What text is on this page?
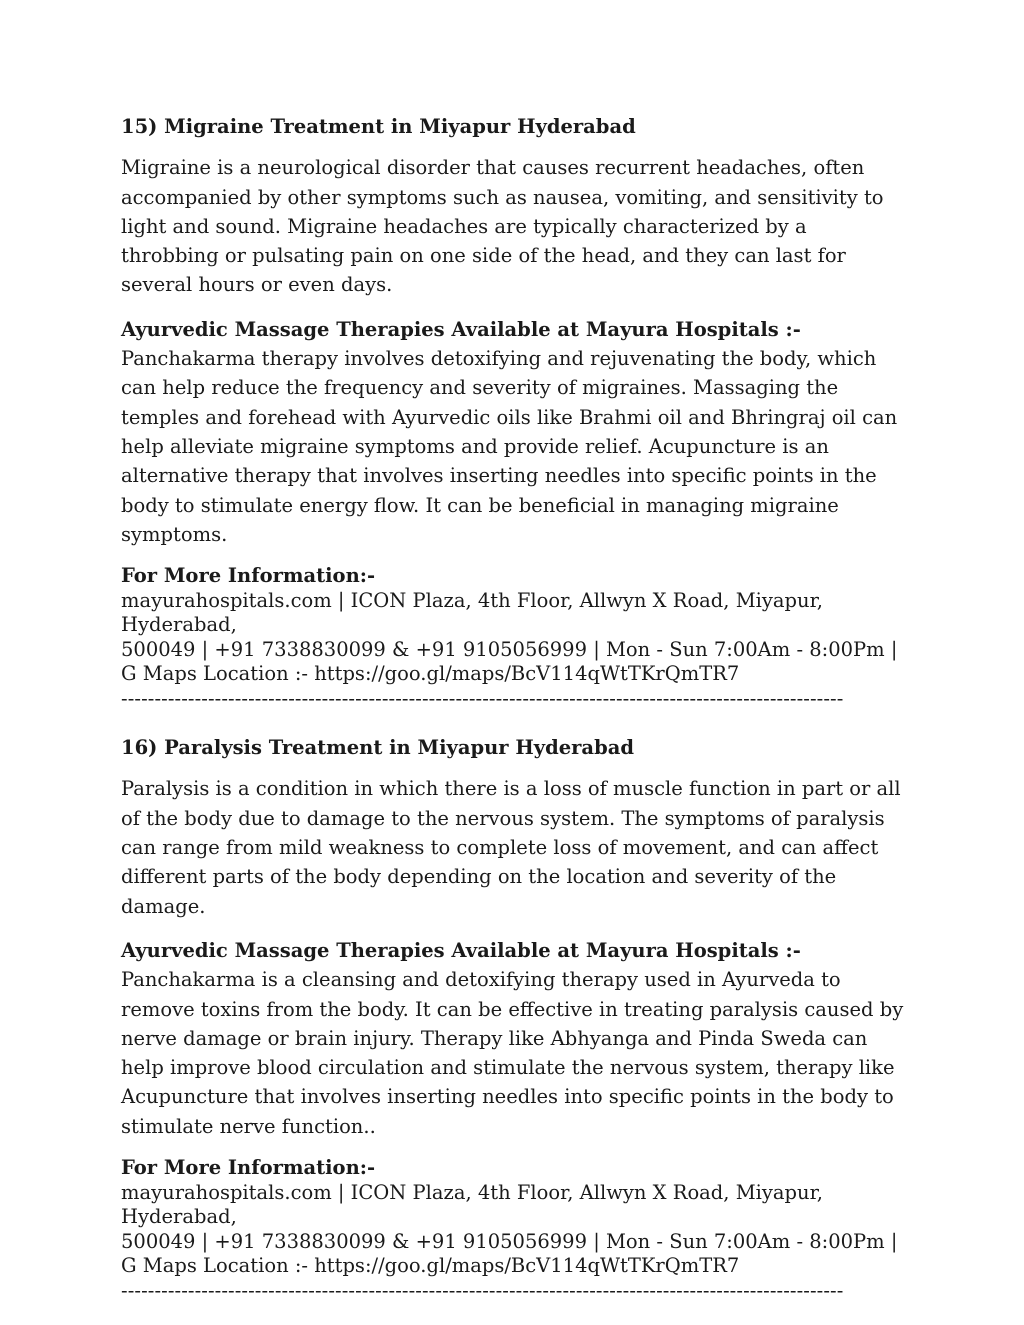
15) Migraine Treatment in Miyapur Hyderabad

Migraine is a neurological disorder that causes recurrent headaches, often accompanied by other symptoms such as nausea, vomiting, and sensitivity to light and sound. Migraine headaches are typically characterized by a throbbing or pulsating pain on one side of the head, and they can last for several hours or even days.

Ayurvedic Massage Therapies Available at Mayura Hospitals :- Panchakarma therapy involves detoxifying and rejuvenating the body, which can help reduce the frequency and severity of migraines. Massaging the temples and forehead with Ayurvedic oils like Brahmi oil and Bhringraj oil can help alleviate migraine symptoms and provide relief. Acupuncture is an alternative therapy that involves inserting needles into specific points in the body to stimulate energy flow. It can be beneficial in managing migraine symptoms.

For More Information:-

mayurahospitals.com | ICON Plaza, 4th Floor, Allwyn X Road, Miyapur, Hyderabad,

500049 | +91 7338830099 & +91 9105056999 | Mon - Sun 7:00Am - 8:00Pm |

G Maps Location :- https://goo.gl/maps/BcV114qWtTKrQmTR7

------------------------------------------------------------------------------------------------------------

16) Paralysis Treatment in Miyapur Hyderabad

Paralysis is a condition in which there is a loss of muscle function in part or all of the body due to damage to the nervous system. The symptoms of paralysis can range from mild weakness to complete loss of movement, and can affect different parts of the body depending on the location and severity of the damage.

Ayurvedic Massage Therapies Available at Mayura Hospitals :- Panchakarma is a cleansing and detoxifying therapy used in Ayurveda to remove toxins from the body. It can be effective in treating paralysis caused by nerve damage or brain injury. Therapy like Abhyanga and Pinda Sweda can help improve blood circulation and stimulate the nervous system, therapy like Acupuncture that involves inserting needles into specific points in the body to stimulate nerve function..

For More Information:-

mayurahospitals.com | ICON Plaza, 4th Floor, Allwyn X Road, Miyapur, Hyderabad,

500049 | +91 7338830099 & +91 9105056999 | Mon - Sun 7:00Am - 8:00Pm |

G Maps Location :- https://goo.gl/maps/BcV114qWtTKrQmTR7

------------------------------------------------------------------------------------------------------------
